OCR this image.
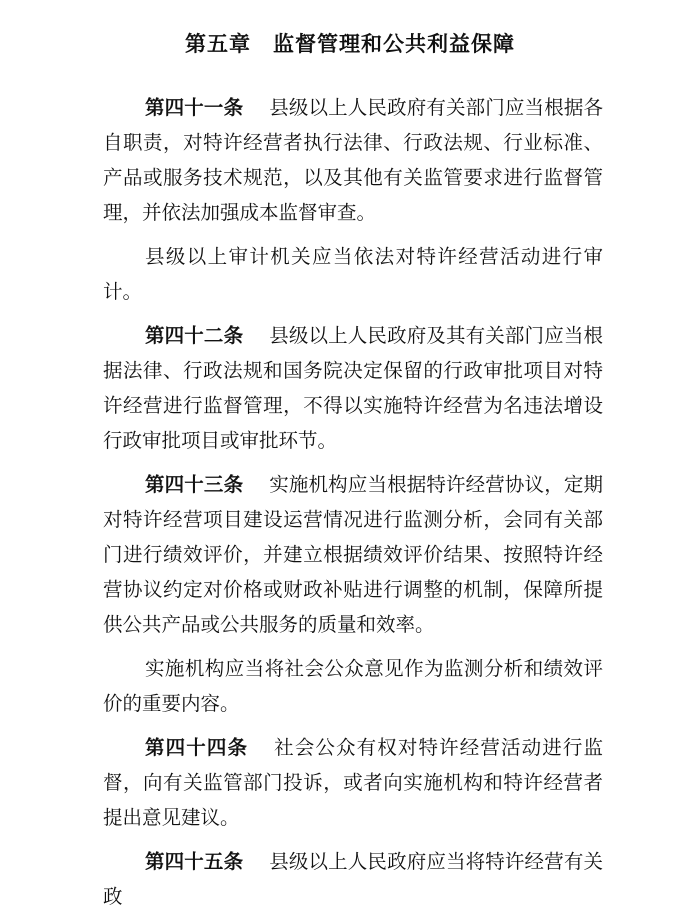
第五章　监督管理和公共利益保障

第四十一条 县级以上人民政府有关部门应当根据各自职责，对特许经营者执行法律、行政法规、行业标准、产品或服务技术规范，以及其他有关监管要求进行监督管理，并依法加强成本监督审查。

县级以上审计机关应当依法对特许经营活动进行审计。

第四十二条 县级以上人民政府及其有关部门应当根据法律、行政法规和国务院决定保留的行政审批项目对特许经营进行监督管理，不得以实施特许经营为名违法增设行政审批项目或审批环节。

第四十三条 实施机构应当根据特许经营协议，定期对特许经营项目建设运营情况进行监测分析，会同有关部门进行绩效评价，并建立根据绩效评价结果、按照特许经营协议约定对价格或财政补贴进行调整的机制，保障所提供公共产品或公共服务的质量和效率。

实施机构应当将社会公众意见作为监测分析和绩效评价的重要内容。

第四十四条 社会公众有权对特许经营活动进行监督，向有关监管部门投诉，或者向实施机构和特许经营者提出意见建议。

第四十五条 县级以上人民政府应当将特许经营有关政
